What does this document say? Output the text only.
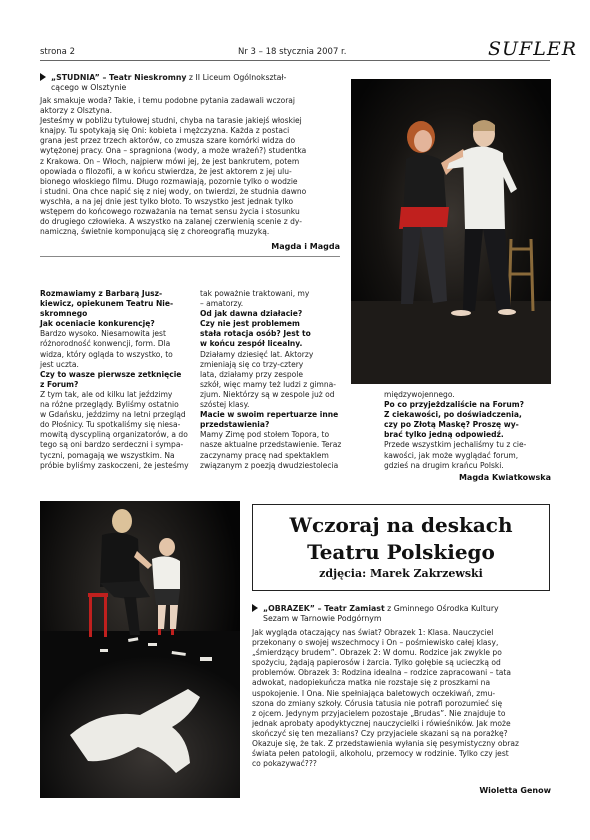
strona 2	Nr 3 – 18 stycznia 2007 r.	SUFLER
„STUDNIA” – Teatr Nieskromny z II Liceum Ogólnokształ-
cącego w Olsztynie
Jak smakuje woda? Takie, i temu podobne pytania zadawali wczoraj
aktorzy z Olsztyna.
Jesteśmy w pobliżu tytułowej studni, chyba na tarasie jakiejś włoskiej
knajpy. Tu spotykają się Oni: kobieta i mężczyzna. Każda z postaci
grana jest przez trzech aktorów, co zmusza szare komórki widza do
wytężonej pracy. Ona – spragniona (wody, a może wrażeń?) studentka
z Krakowa. On – Włoch, najpierw mówi jej, że jest bankrutem, potem
opowiada o filozofii, a w końcu stwierdza, że jest aktorem z jej ulu-
bionego włoskiego filmu. Długo rozmawiają, pozornie tylko o wodzie
i studni. Ona chce napić się z niej wody, on twierdzi, że studnia dawno
wyschła, a na jej dnie jest tylko błoto. To wszystko jest jednak tylko
wstępem do końcowego rozważania na temat sensu życia i stosunku
do drugiego człowieka. A wszystko na zalanej czerwienią scenie z dy-
namiczną, świetnie komponującą się z choreografią muzyką.
Magda i Magda
Rozmawiamy z Barbarą Jusz-
kiewicz, opiekunem Teatru Nie-
skromnego
Jak oceniacie konkurencję?
Bardzo wysoko. Niesamowita jest
różnorodność konwencji, form. Dla
widza, który ogląda to wszystko, to
jest uczta.
Czy to wasze pierwsze zetknięcie
z Forum?
Z tym tak, ale od kilku lat jeździmy
na różne przeglądy. Byliśmy ostatnio
w Gdańsku, jeździmy na letni przegląd
do Płośnicy. Tu spotkaliśmy się niesa-
mowitą dyscypliną organizatorów, a do
tego są oni bardzo serdeczni i sympa-
tyczni, pomagają we wszystkim. Na
próbie byliśmy zaskoczeni, że jesteśmy
tak poważnie traktowani, my
– amatorzy.
Od jak dawna działacie?
Czy nie jest problemem
stała rotacja osób? Jest to
w końcu zespół licealny.
Działamy dziesięć lat. Aktorzy
zmieniają się co trzy-cztery
lata, działamy przy zespole
szkół, więc mamy też ludzi z gimna-
zjum. Niektórzy są w zespole już od
szóstej klasy.
Macie w swoim repertuarze inne
przedstawienia?
Mamy Zimę pod stołem Topora, to
nasze aktualne przedstawienie. Teraz
zaczynamy pracę nad spektaklem
związanym z poezją dwudziestolecia
międzywojennego.
Po co przyjeżdzaliście na Forum?
Z ciekawości, po doświadczenia,
czy po Złotą Maskę? Proszę wy-
brać tylko jedną odpowiedź.
Przede wszystkim jechaliśmy tu z cie-
kawości, jak może wyglądać forum,
gdzieś na drugim krańcu Polski.
Magda Kwiatkowska
Wczoraj na deskach
Teatru Polskiego
zdjęcia: Marek Zakrzewski
„OBRAZEK” – Teatr Zamiast z Gminnego Ośrodka Kultury
Sezam w Tarnowie Podgórnym
Jak wygląda otaczający nas świat? Obrazek 1: Klasa. Nauczyciel
przekonany o swojej wszechmocy i On – pośmiewisko całej klasy,
„śmierdzący brudem”. Obrazek 2: W domu. Rodzice jak zwykle po
spożyciu, żądają papierosów i żarcia. Tylko gołębie są ucieczką od
problemów. Obrazek 3: Rodzina idealna – rodzice zapracowani – tata
adwokat, nadopiekuńcza matka nie rozstaje się z proszkami na
uspokojenie. I Ona. Nie spełniająca baletowych oczekiwań, zmu-
szona do zmiany szkoły. Córusia tatusia nie potrafi porozumieć się
z ojcem. Jedynym przyjacielem pozostaje „Brudas”. Nie znajduje to
jednak aprobaty apodyktycznej nauczycielki i rówieśników. Jak może
skończyć się ten mezalians? Czy przyjaciele skazani są na porażkę?
Okazuje się, że tak. Z przedstawienia wyłania się pesymistyczny obraz
świata pełen patologii, alkoholu, przemocy w rodzinie. Tylko czy jest
co pokazywać???
Wioletta Genow
